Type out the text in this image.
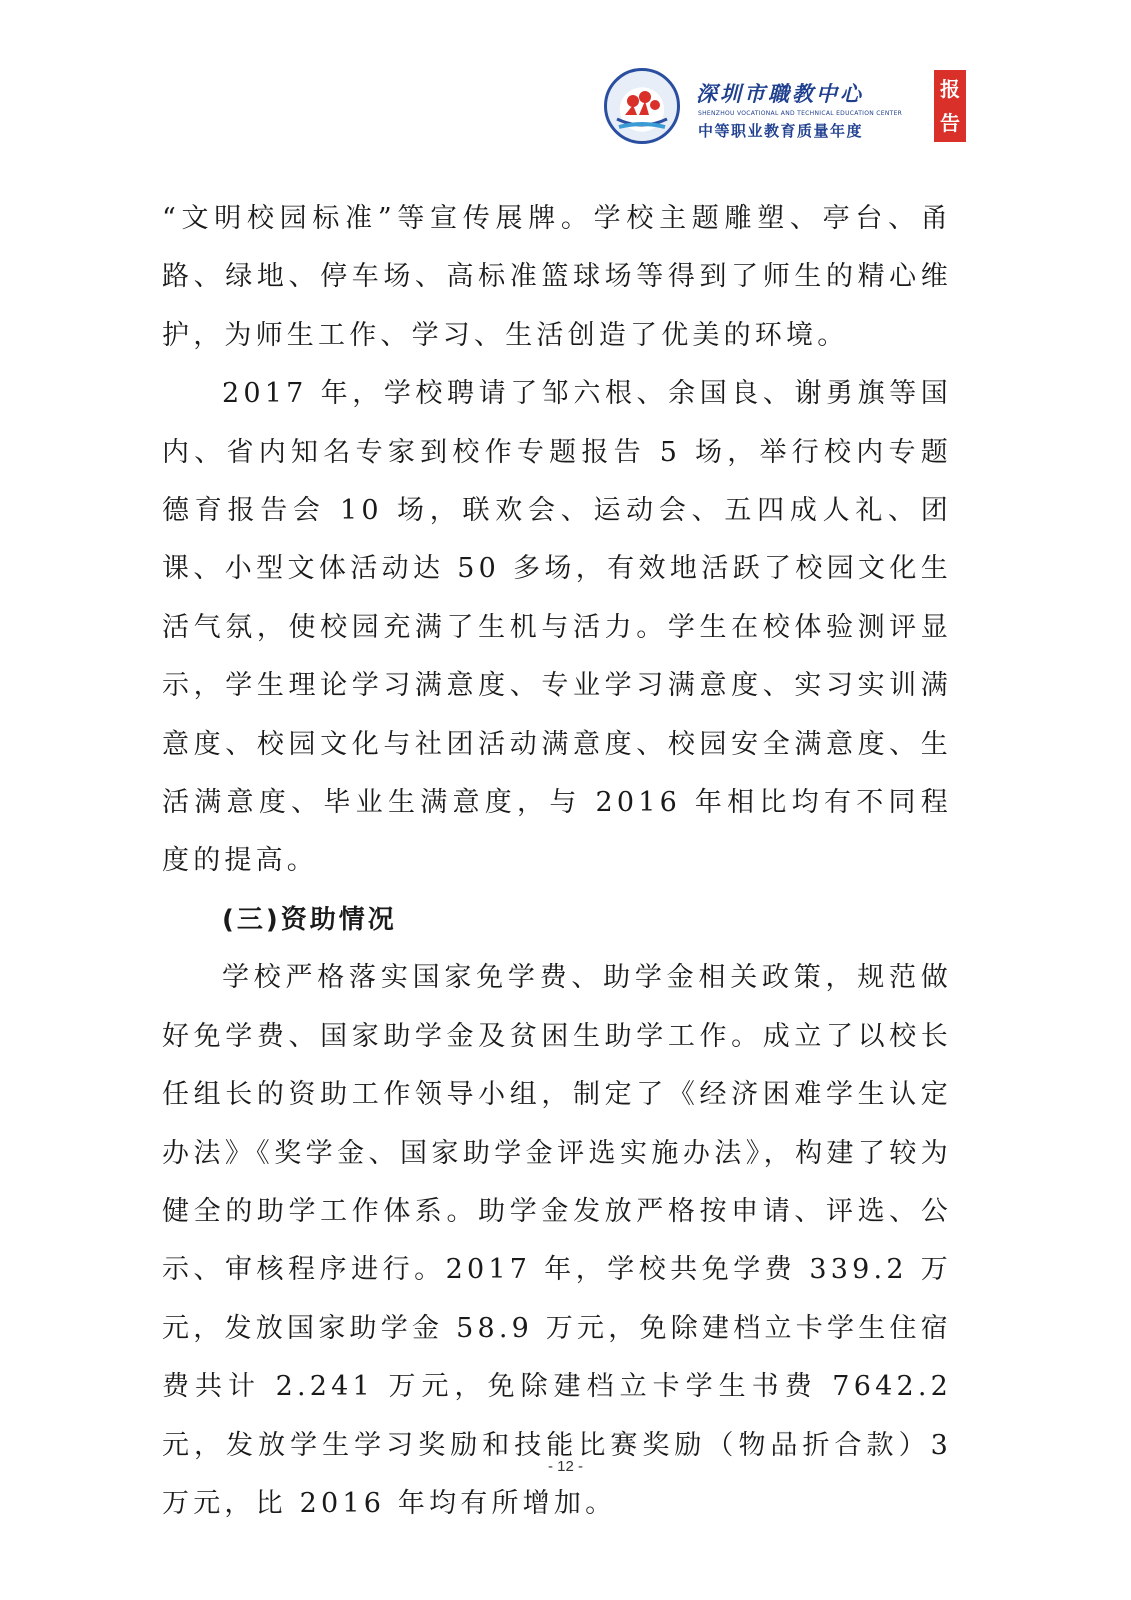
深圳市職教中心
SHENZHOU VOCATIONAL AND TECHNICAL EDUCATION CENTER
中等职业教育质量年度
报
告

“文明校园标准”等宣传展牌。学校主题雕塑、亭台、甬路、绿地、停车场、高标准篮球场等得到了师生的精心维护，为师生工作、学习、生活创造了优美的环境。

2017 年，学校聘请了邹六根、余国良、谢勇旗等国内、省内知名专家到校作专题报告 5 场，举行校内专题德育报告会 10 场，联欢会、运动会、五四成人礼、团课、小型文体活动达 50 多场，有效地活跃了校园文化生活气氛，使校园充满了生机与活力。学生在校体验测评显示，学生理论学习满意度、专业学习满意度、实习实训满意度、校园文化与社团活动满意度、校园安全满意度、生活满意度、毕业生满意度，与 2016 年相比均有不同程度的提高。

(三)资助情况

学校严格落实国家免学费、助学金相关政策，规范做好免学费、国家助学金及贫困生助学工作。成立了以校长任组长的资助工作领导小组，制定了《经济困难学生认定办法》《奖学金、国家助学金评选实施办法》，构建了较为健全的助学工作体系。助学金发放严格按申请、评选、公示、审核程序进行。2017 年，学校共免学费 339.2 万元，发放国家助学金 58.9 万元，免除建档立卡学生住宿费共计 2.241 万元，免除建档立卡学生书费 7642.2 元，发放学生学习奖励和技能比赛奖励（物品折合款）3 万元，比 2016 年均有所增加。

- 12 -
